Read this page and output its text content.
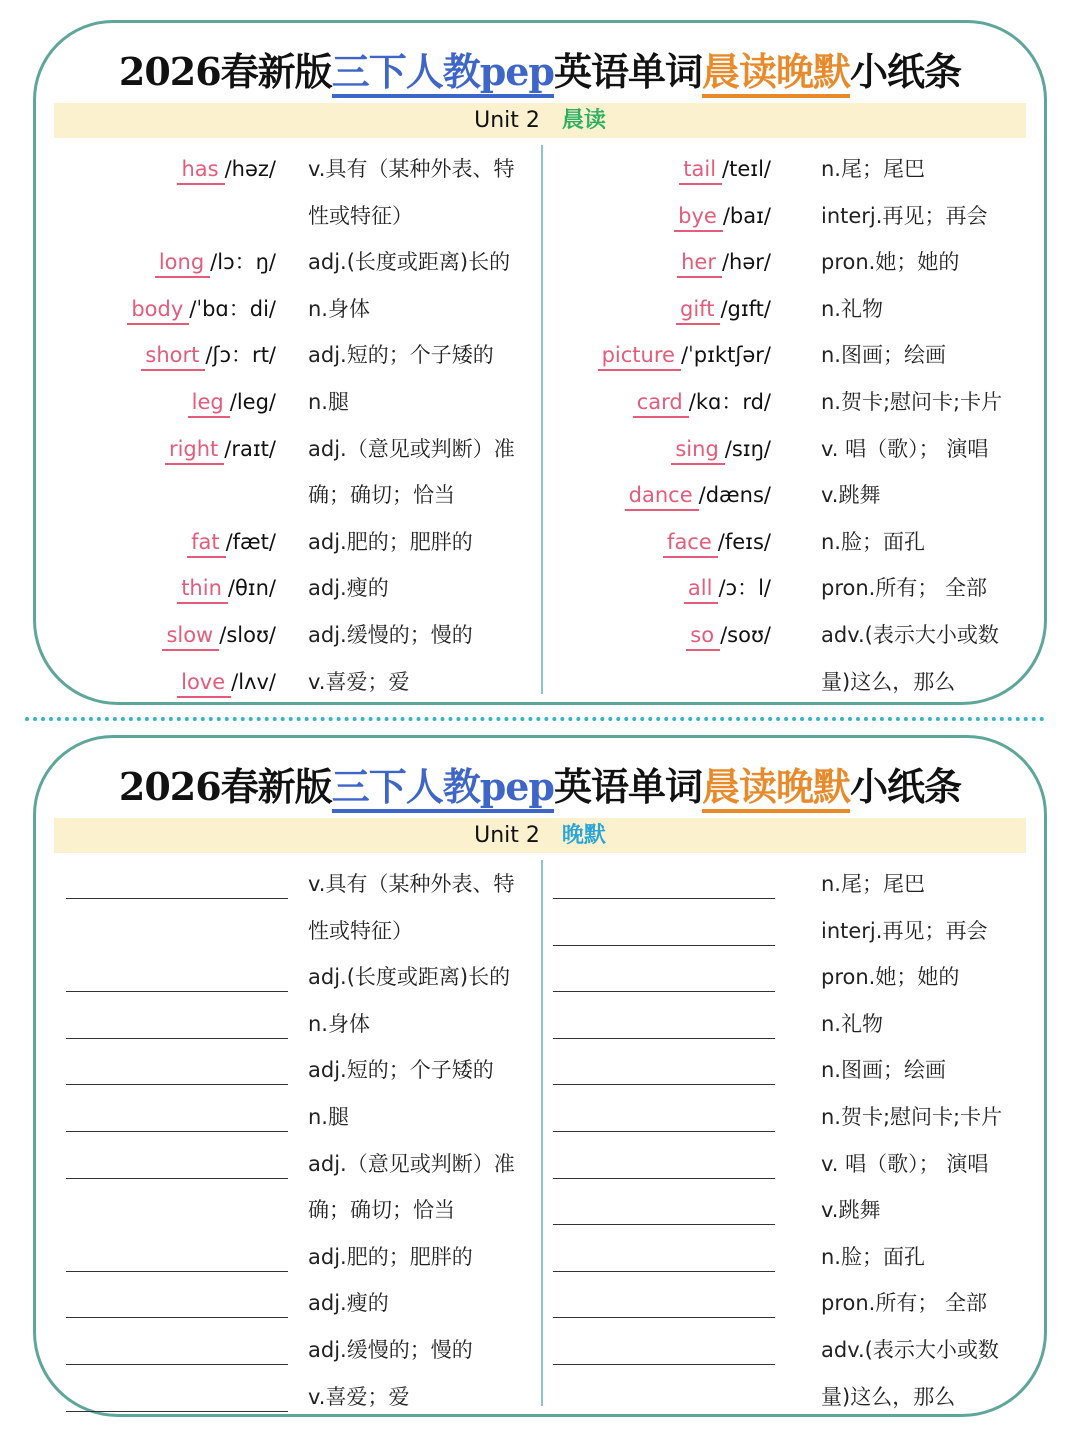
2026春新版三下人教pep英语单词晨读晚默小纸条
Unit 2 晨读
has /həz/ v.具有（某种外表、特
性或特征）
long /lɔ：ŋ/ adj.(长度或距离)长的
body /ˈbɑ：di/ n.身体
short /ʃɔ：rt/ adj.短的；个子矮的
leg /leg/ n.腿
right /raɪt/ adj.（意见或判断）准
确；确切；恰当
fat /fæt/ adj.肥的；肥胖的
thin /θɪn/ adj.瘦的
slow /sloʊ/ adj.缓慢的；慢的
love /lʌv/ v.喜爱；爱
tail /teɪl/ n.尾；尾巴
bye /baɪ/ interj.再见；再会
her /hər/ pron.她；她的
gift /gɪft/ n.礼物
picture /ˈpɪktʃər/ n.图画；绘画
card /kɑ：rd/ n.贺卡;慰问卡;卡片
sing /sɪŋ/ v. 唱（歌）； 演唱
dance /dæns/ v.跳舞
face /feɪs/ n.脸；面孔
all /ɔ：l/ pron.所有； 全部
so /soʊ/ adv.(表示大小或数
量)这么，那么
2026春新版三下人教pep英语单词晨读晚默小纸条
Unit 2 晚默
v.具有（某种外表、特
性或特征）
adj.(长度或距离)长的
n.身体
adj.短的；个子矮的
n.腿
adj.（意见或判断）准
确；确切；恰当
adj.肥的；肥胖的
adj.瘦的
adj.缓慢的；慢的
v.喜爱；爱
n.尾；尾巴
interj.再见；再会
pron.她；她的
n.礼物
n.图画；绘画
n.贺卡;慰问卡;卡片
v. 唱（歌）； 演唱
v.跳舞
n.脸；面孔
pron.所有； 全部
adv.(表示大小或数
量)这么，那么
